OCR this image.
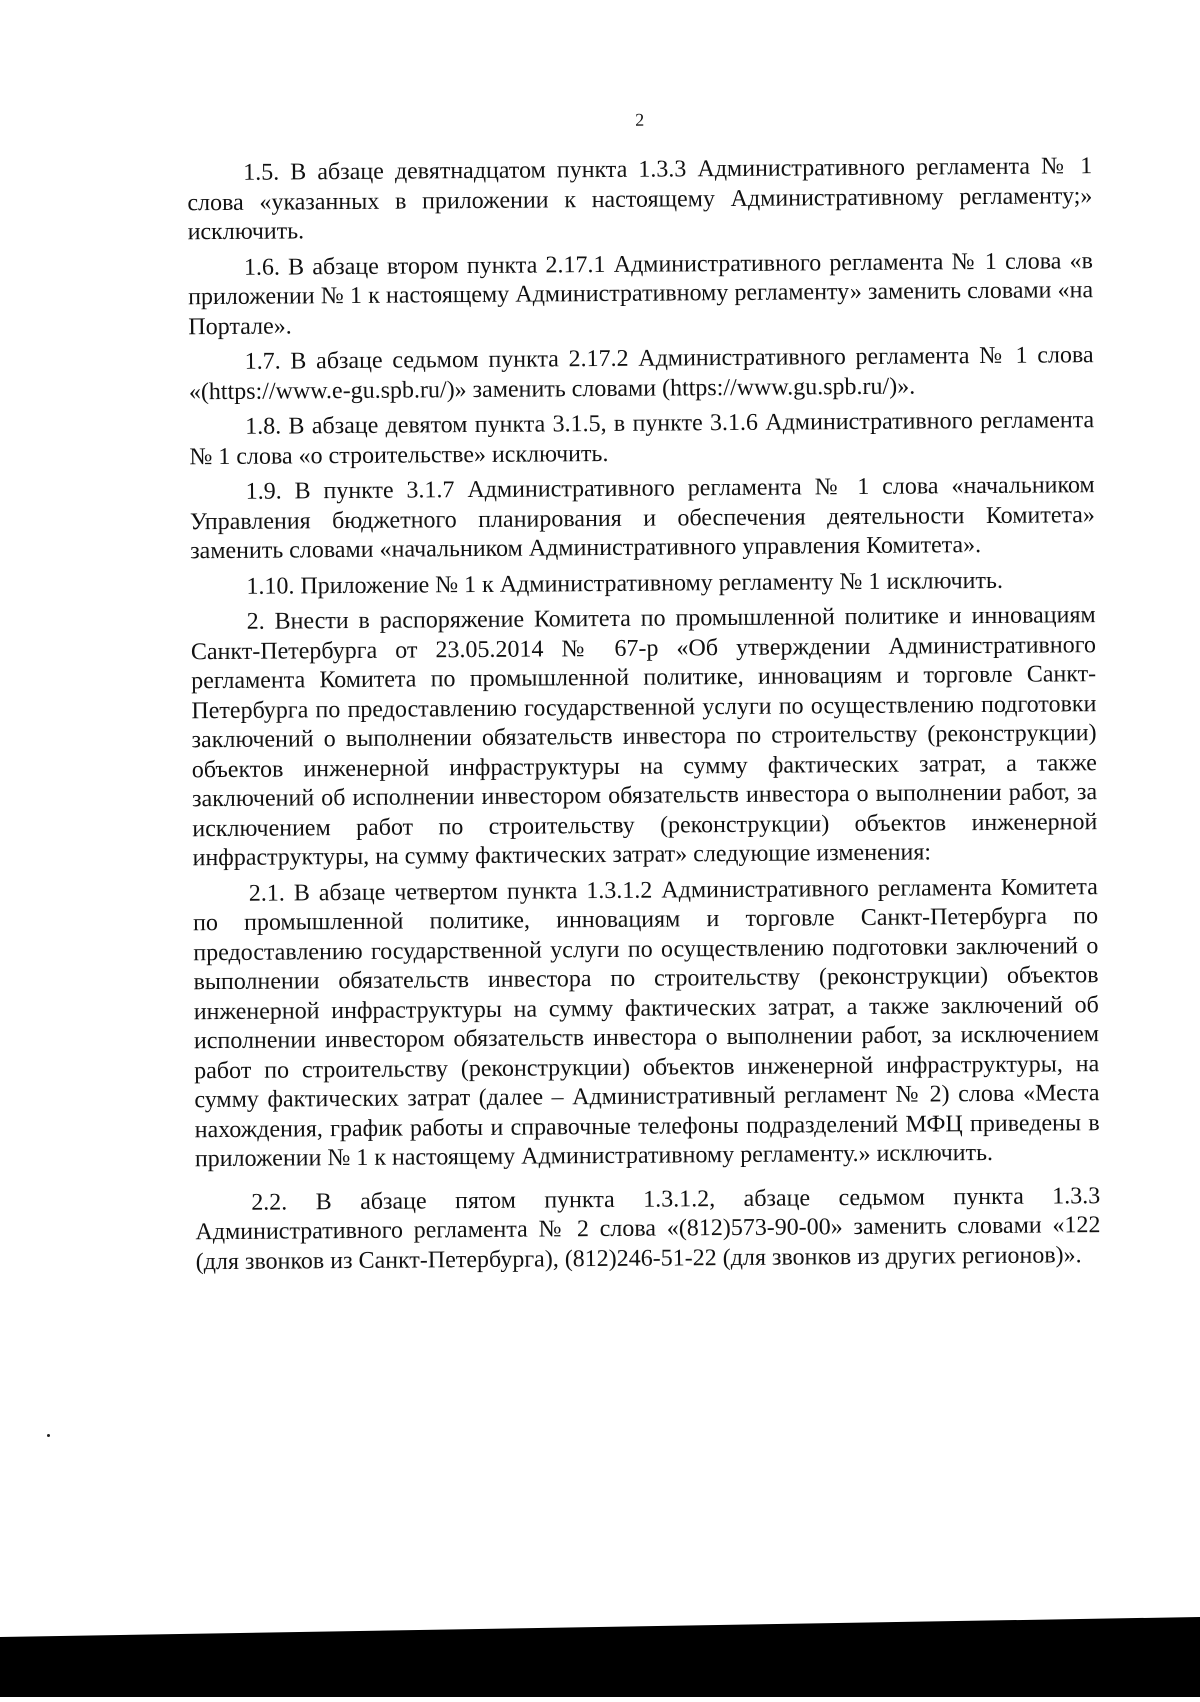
2

1.5. В абзаце девятнадцатом пункта 1.3.3 Административного регламента № 1 слова «указанных в приложении к настоящему Административному регламенту;» исключить.

1.6. В абзаце втором пункта 2.17.1 Административного регламента № 1 слова «в приложении № 1 к настоящему Административному регламенту» заменить словами «на Портале».

1.7. В абзаце седьмом пункта 2.17.2 Административного регламента № 1 слова «(https://www.e-gu.spb.ru/)» заменить словами (https://www.gu.spb.ru/)».

1.8. В абзаце девятом пункта 3.1.5, в пункте 3.1.6 Административного регламента № 1 слова «о строительстве» исключить.

1.9. В пункте 3.1.7 Административного регламента № 1 слова «начальником Управления бюджетного планирования и обеспечения деятельности Комитета» заменить словами «начальником Административного управления Комитета».

1.10. Приложение № 1 к Административному регламенту № 1 исключить.

2. Внести в распоряжение Комитета по промышленной политике и инновациям Санкт-Петербурга от 23.05.2014 № 67-р «Об утверждении Административного регламента Комитета по промышленной политике, инновациям и торговле Санкт-Петербурга по предоставлению государственной услуги по осуществлению подготовки заключений о выполнении обязательств инвестора по строительству (реконструкции) объектов инженерной инфраструктуры на сумму фактических затрат, а также заключений об исполнении инвестором обязательств инвестора о выполнении работ, за исключением работ по строительству (реконструкции) объектов инженерной инфраструктуры, на сумму фактических затрат» следующие изменения:

2.1. В абзаце четвертом пункта 1.3.1.2 Административного регламента Комитета по промышленной политике, инновациям и торговле Санкт-Петербурга по предоставлению государственной услуги по осуществлению подготовки заключений о выполнении обязательств инвестора по строительству (реконструкции) объектов инженерной инфраструктуры на сумму фактических затрат, а также заключений об исполнении инвестором обязательств инвестора о выполнении работ, за исключением работ по строительству (реконструкции) объектов инженерной инфраструктуры, на сумму фактических затрат (далее – Административный регламент № 2) слова «Места нахождения, график работы и справочные телефоны подразделений МФЦ приведены в приложении № 1 к настоящему Административному регламенту.» исключить.

2.2. В абзаце пятом пункта 1.3.1.2, абзаце седьмом пункта 1.3.3 Административного регламента № 2 слова «(812)573-90-00» заменить словами «122 (для звонков из Санкт-Петербурга), (812)246-51-22 (для звонков из других регионов)».
